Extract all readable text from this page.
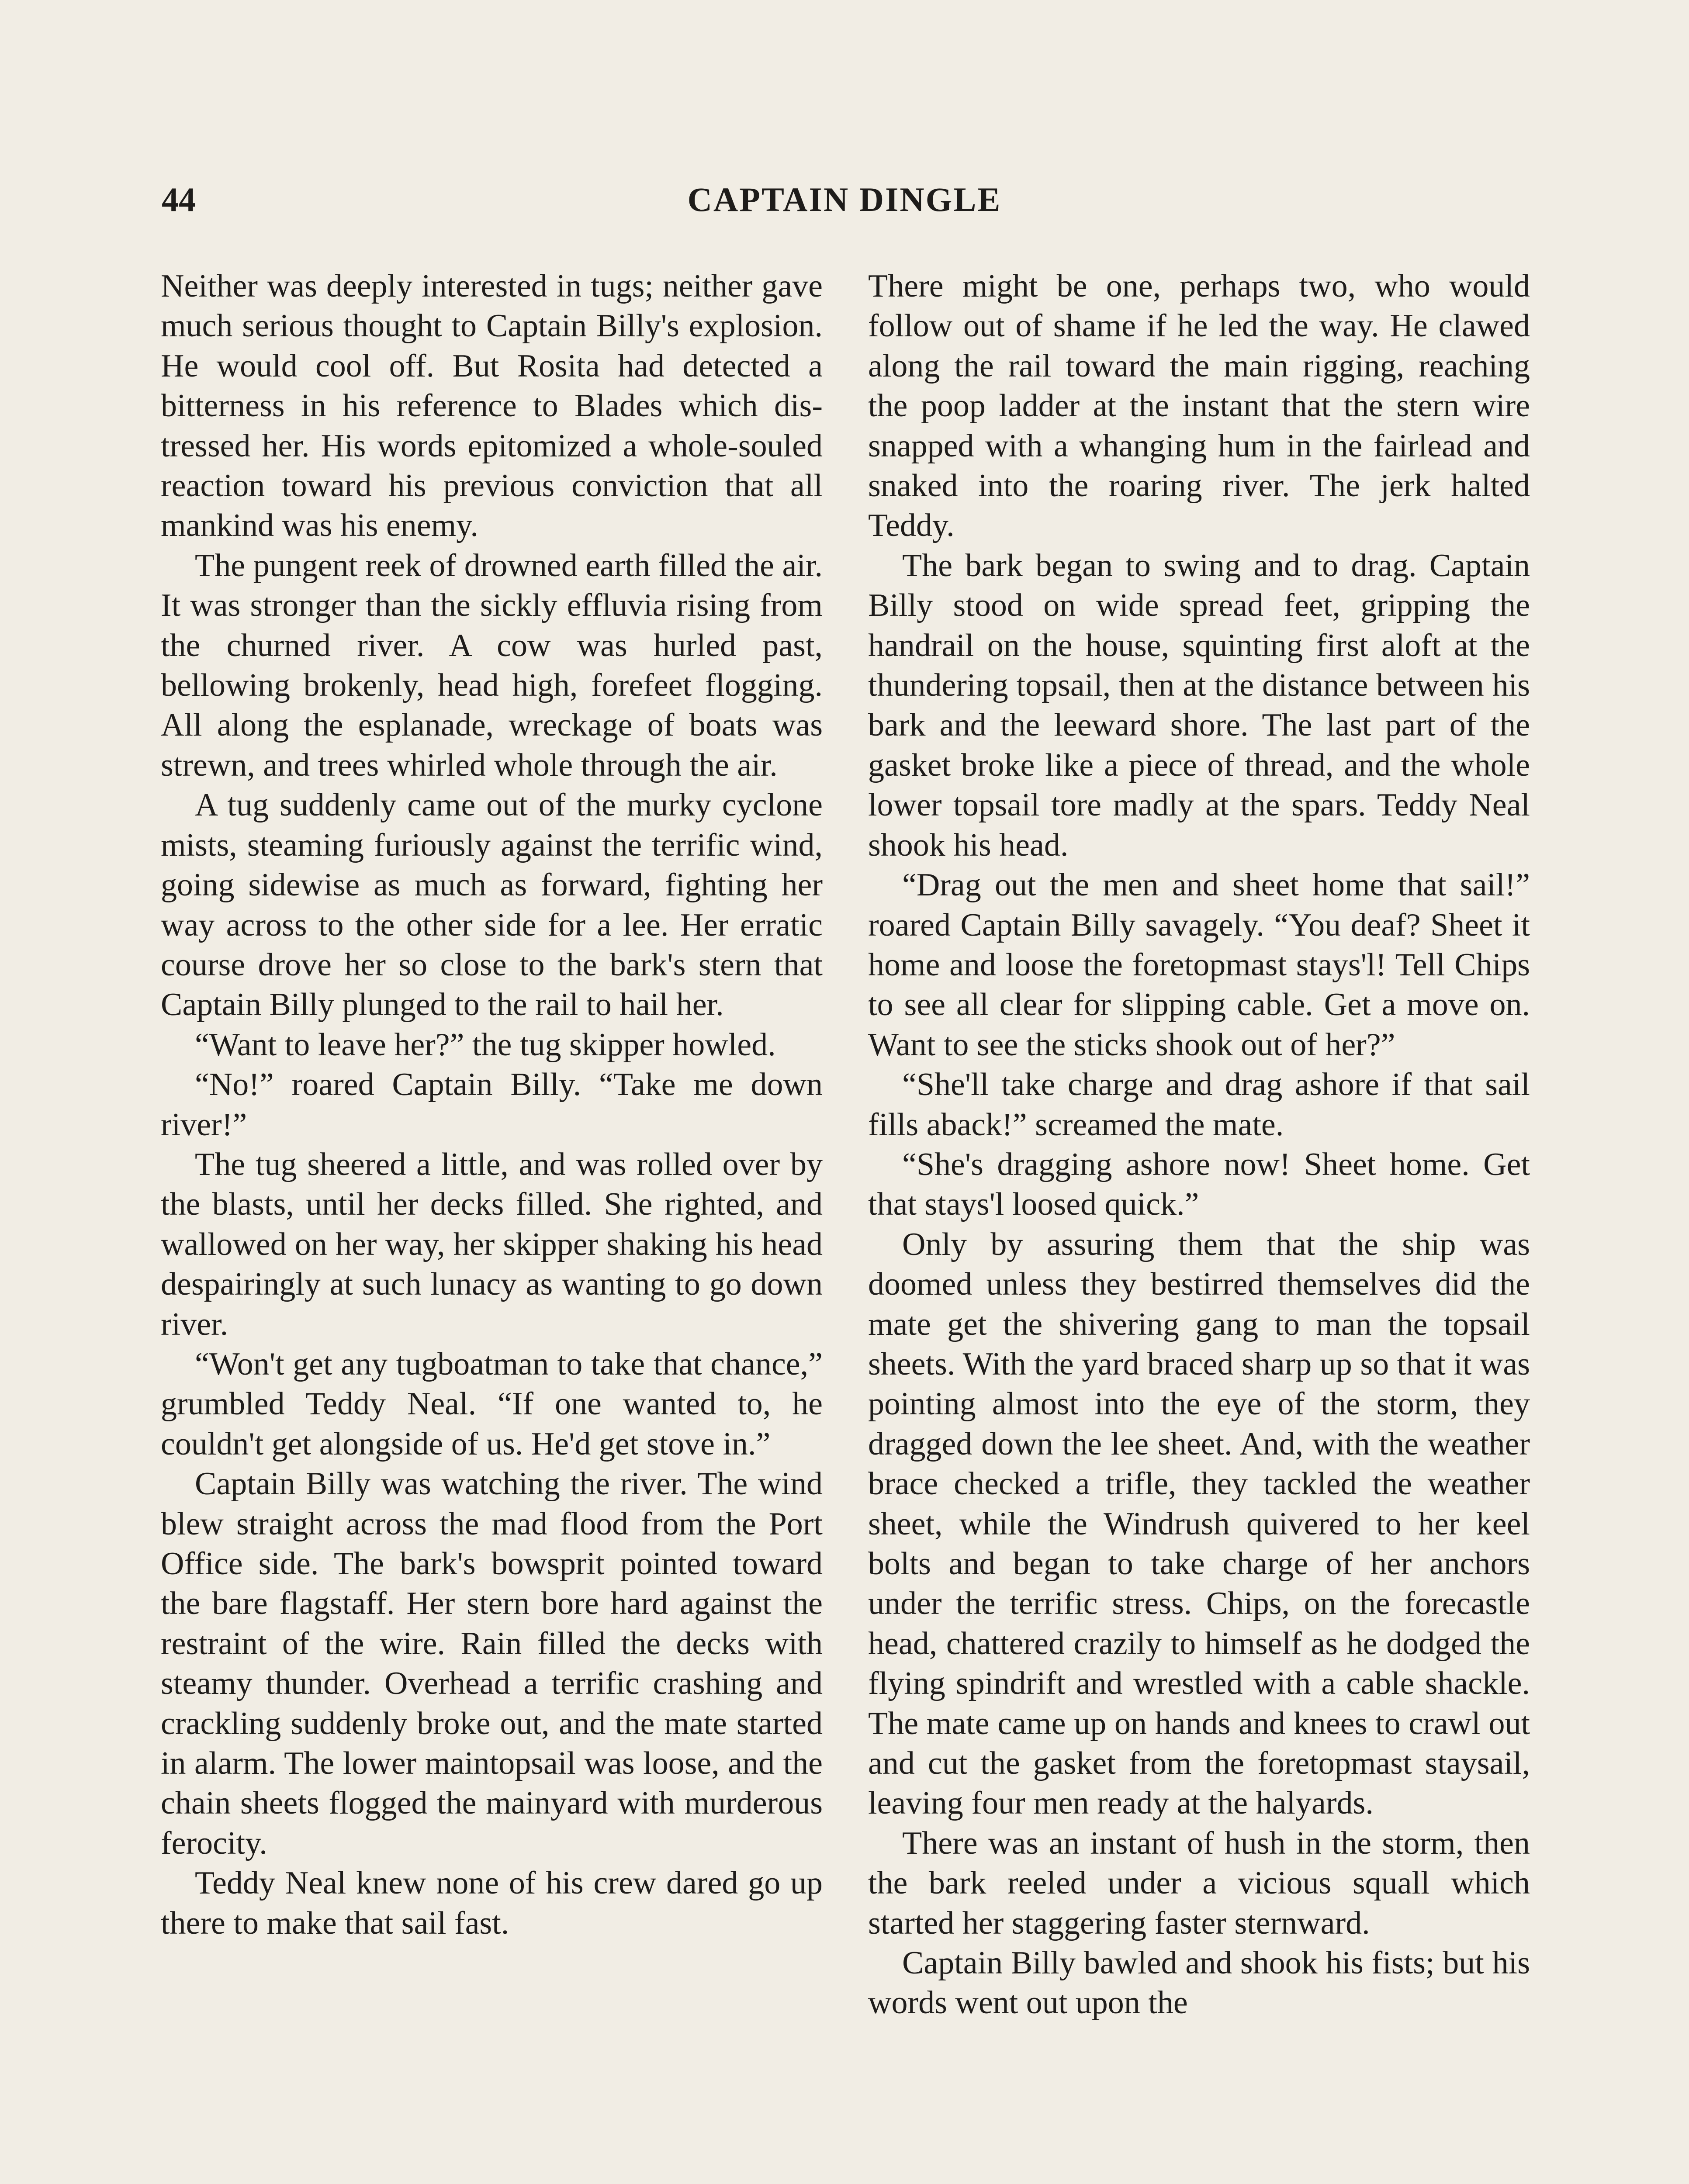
44	CAPTAIN DINGLE

Neither was deeply interested in tugs; neither gave much serious thought to Captain Billy's explosion. He would cool off. But Rosita had detected a bitterness in his reference to Blades which distressed her. His words epitomized a whole-souled reaction toward his previous conviction that all mankind was his enemy.

The pungent reek of drowned earth filled the air. It was stronger than the sickly effluvia rising from the churned river. A cow was hurled past, bellowing brokenly, head high, forefeet flogging. All along the esplanade, wreckage of boats was strewn, and trees whirled whole through the air.

A tug suddenly came out of the murky cyclone mists, steaming furiously against the terrific wind, going sidewise as much as forward, fighting her way across to the other side for a lee. Her erratic course drove her so close to the bark's stern that Captain Billy plunged to the rail to hail her.

“Want to leave her?” the tug skipper howled.

“No!” roared Captain Billy. “Take me down river!”

The tug sheered a little, and was rolled over by the blasts, until her decks filled. She righted, and wallowed on her way, her skipper shaking his head despairingly at such lunacy as wanting to go down river.

“Won't get any tugboatman to take that chance,” grumbled Teddy Neal. “If one wanted to, he couldn't get alongside of us. He'd get stove in.”

Captain Billy was watching the river. The wind blew straight across the mad flood from the Port Office side. The bark's bowsprit pointed toward the bare flagstaff. Her stern bore hard against the restraint of the wire. Rain filled the decks with steamy thunder. Overhead a terrific crashing and crackling suddenly broke out, and the mate started in alarm. The lower maintopsail was loose, and the chain sheets flogged the mainyard with murderous ferocity.

Teddy Neal knew none of his crew dared go up there to make that sail fast.

There might be one, perhaps two, who would follow out of shame if he led the way. He clawed along the rail toward the main rigging, reaching the poop ladder at the instant that the stern wire snapped with a whanging hum in the fairlead and snaked into the roaring river. The jerk halted Teddy.

The bark began to swing and to drag. Captain Billy stood on wide spread feet, gripping the handrail on the house, squinting first aloft at the thundering topsail, then at the distance between his bark and the leeward shore. The last part of the gasket broke like a piece of thread, and the whole lower topsail tore madly at the spars. Teddy Neal shook his head.

“Drag out the men and sheet home that sail!” roared Captain Billy savagely. “You deaf? Sheet it home and loose the foretopmast stays'l! Tell Chips to see all clear for slipping cable. Get a move on. Want to see the sticks shook out of her?”

“She'll take charge and drag ashore if that sail fills aback!” screamed the mate.

“She's dragging ashore now! Sheet home. Get that stays'l loosed quick.”

Only by assuring them that the ship was doomed unless they bestirred themselves did the mate get the shivering gang to man the topsail sheets. With the yard braced sharp up so that it was pointing almost into the eye of the storm, they dragged down the lee sheet. And, with the weather brace checked a trifle, they tackled the weather sheet, while the Windrush quivered to her keel bolts and began to take charge of her anchors under the terrific stress. Chips, on the forecastle head, chattered crazily to himself as he dodged the flying spindrift and wrestled with a cable shackle. The mate came up on hands and knees to crawl out and cut the gasket from the foretopmast staysail, leaving four men ready at the halyards.

There was an instant of hush in the storm, then the bark reeled under a vicious squall which started her staggering faster sternward.

Captain Billy bawled and shook his fists; but his words went out upon the
